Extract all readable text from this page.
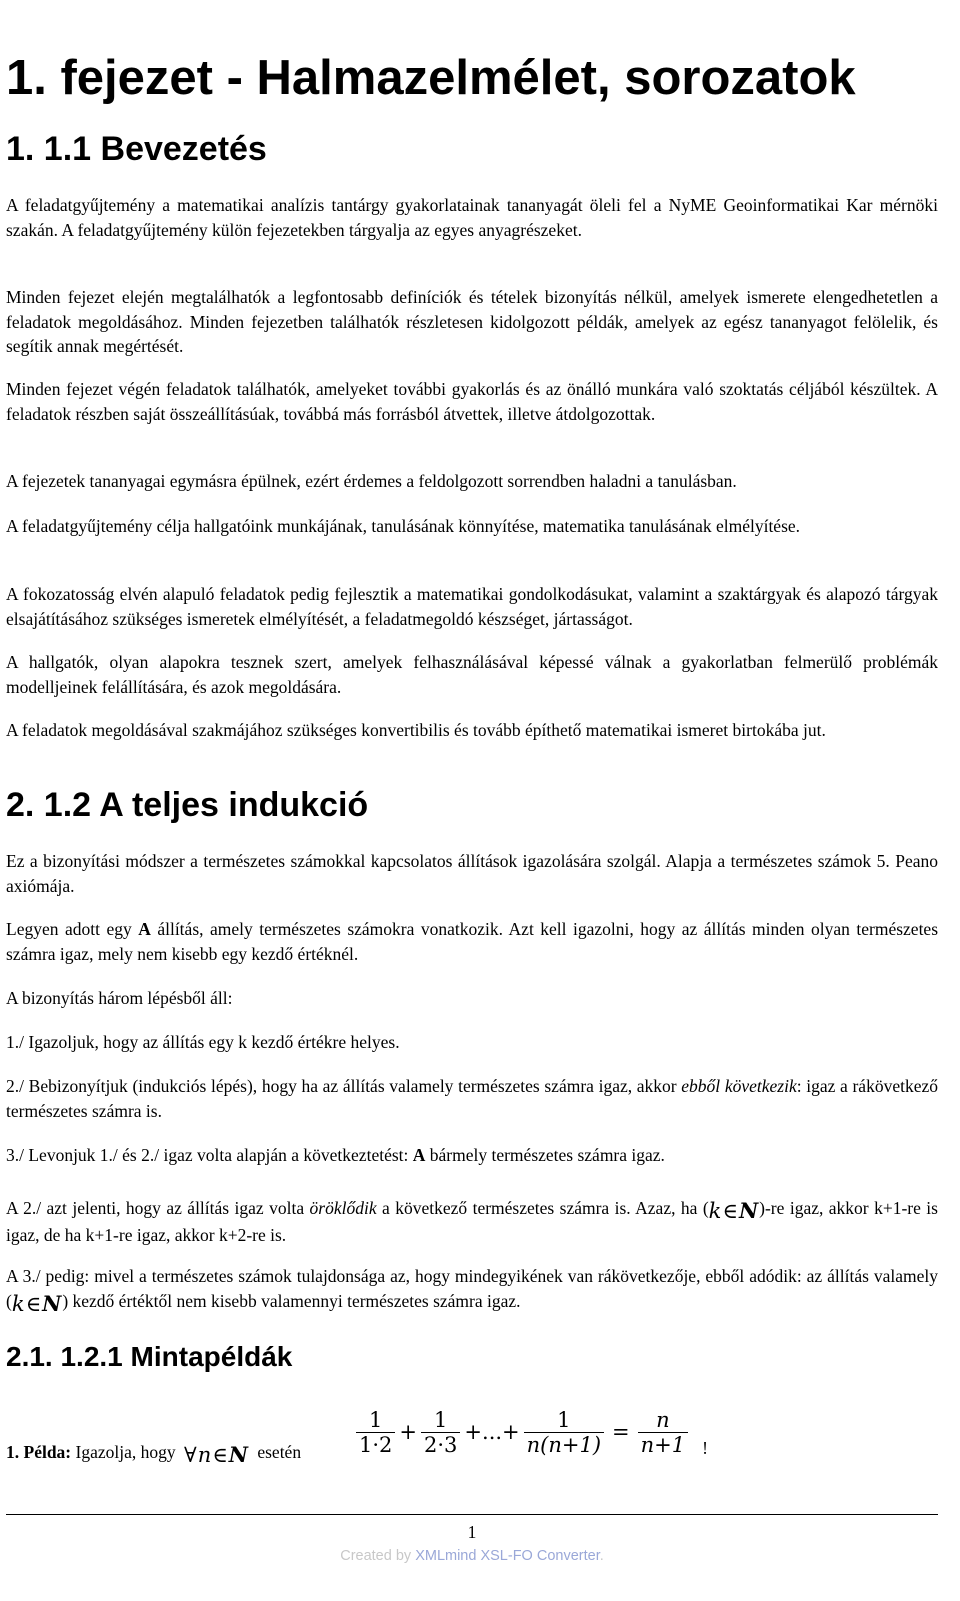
1. fejezet - Halmazelmélet, sorozatok
1. 1.1 Bevezetés

A feladatgyűjtemény a matematikai analízis tantárgy gyakorlatainak tananyagát öleli fel a NyME Geoinformatikai Kar mérnöki szakán. A feladatgyűjtemény külön fejezetekben tárgyalja az egyes anyagrészeket.

Minden fejezet elején megtalálhatók a legfontosabb definíciók és tételek bizonyítás nélkül, amelyek ismerete elengedhetetlen a feladatok megoldásához. Minden fejezetben találhatók részletesen kidolgozott példák, amelyek az egész tananyagot felölelik, és segítik annak megértését.

Minden fejezet végén feladatok találhatók, amelyeket további gyakorlás és az önálló munkára való szoktatás céljából készültek. A feladatok részben saját összeállításúak, továbbá más forrásból átvettek, illetve átdolgozottak.

A fejezetek tananyagai egymásra épülnek, ezért érdemes a feldolgozott sorrendben haladni a tanulásban.

A feladatgyűjtemény célja hallgatóink munkájának, tanulásának könnyítése, matematika tanulásának elmélyítése.

A fokozatosság elvén alapuló feladatok pedig fejlesztik a matematikai gondolkodásukat, valamint a szaktárgyak és alapozó tárgyak elsajátításához szükséges ismeretek elmélyítését, a feladatmegoldó készséget, jártasságot.

A hallgatók, olyan alapokra tesznek szert, amelyek felhasználásával képessé válnak a gyakorlatban felmerülő problémák modelljeinek felállítására, és azok megoldására.

A feladatok megoldásával szakmájához szükséges konvertibilis és tovább építhető matematikai ismeret birtokába jut.

2. 1.2 A teljes indukció

Ez a bizonyítási módszer a természetes számokkal kapcsolatos állítások igazolására szolgál. Alapja a természetes számok 5. Peano axiómája.

Legyen adott egy A állítás, amely természetes számokra vonatkozik. Azt kell igazolni, hogy az állítás minden olyan természetes számra igaz, mely nem kisebb egy kezdő értéknél.

A bizonyítás három lépésből áll:

1./ Igazoljuk, hogy az állítás egy k kezdő értékre helyes.

2./ Bebizonyítjuk (indukciós lépés), hogy ha az állítás valamely természetes számra igaz, akkor ebből következik: igaz a rákövetkező természetes számra is.

3./ Levonjuk 1./ és 2./ igaz volta alapján a következtetést: A bármely természetes számra igaz.

A 2./ azt jelenti, hogy az állítás igaz volta öröklődik a következő természetes számra is. Azaz, ha (k∈N)-re igaz, akkor k+1-re is igaz, de ha k+1-re igaz, akkor k+2-re is.

A 3./ pedig: mivel a természetes számok tulajdonsága az, hogy mindegyikének van rákövetkezője, ebből adódik: az állítás valamely (k∈N) kezdő értéktől nem kisebb valamennyi természetes számra igaz.

2.1. 1.2.1 Mintapéldák

1. Példa: Igazolja, hogy ∀n∈N esetén	$\frac{1}{1\cdot 2} + \frac{1}{2\cdot 3}$ +...+ $\frac{1}{n(n+1)} = \frac{n}{n+1}$ !
1
Created by XMLmind XSL-FO Converter.
